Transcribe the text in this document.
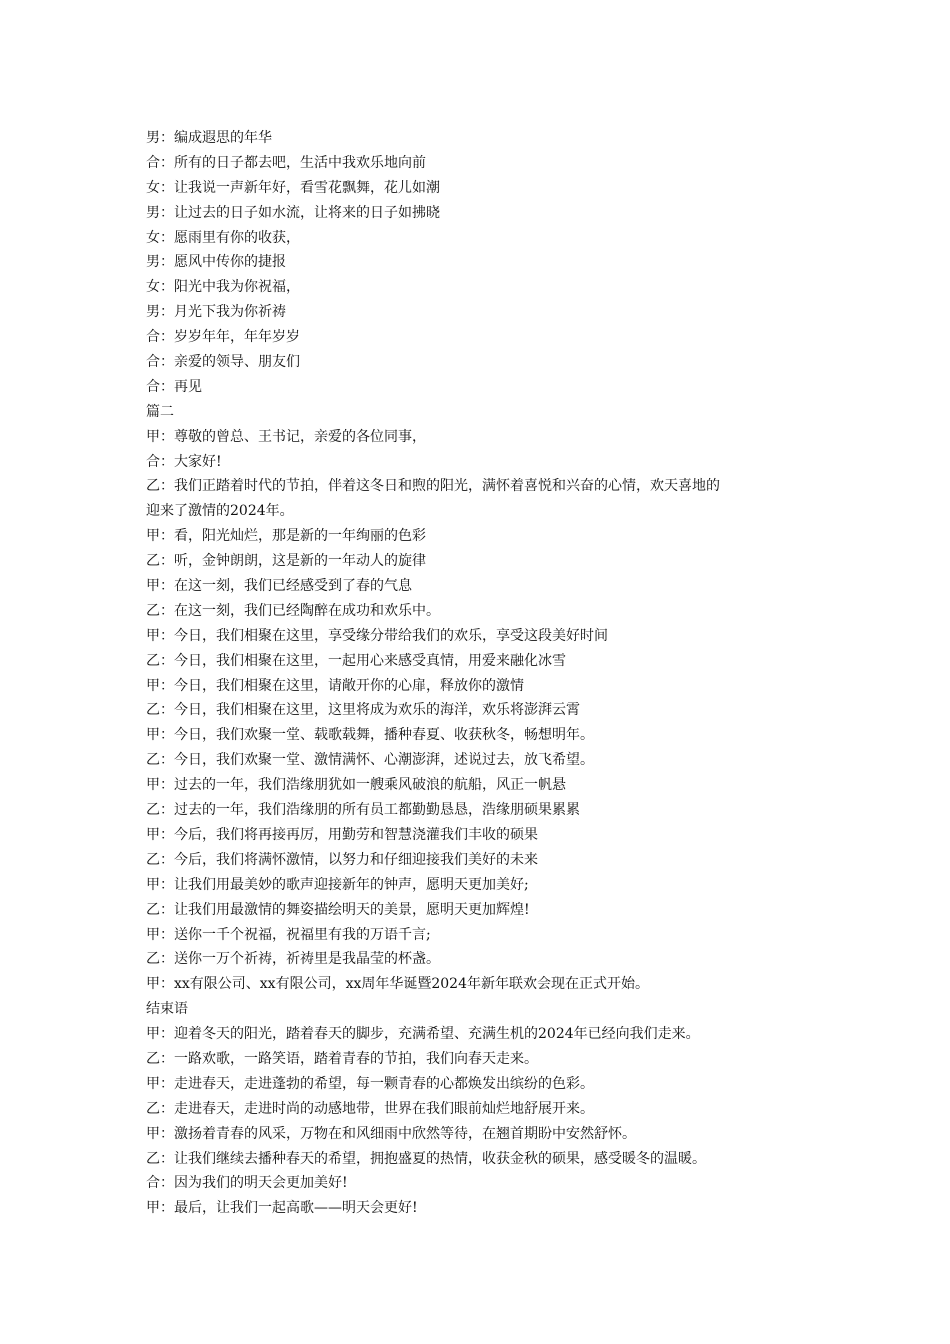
男：编成遐思的年华
合：所有的日子都去吧，生活中我欢乐地向前
女：让我说一声新年好，看雪花飘舞，花儿如潮
男：让过去的日子如水流，让将来的日子如拂晓
女：愿雨里有你的收获，
男：愿风中传你的捷报
女：阳光中我为你祝福，
男：月光下我为你祈祷
合：岁岁年年，年年岁岁
合：亲爱的领导、朋友们
合：再见
篇二
甲：尊敬的曾总、王书记，亲爱的各位同事，
合：大家好!
乙：我们正踏着时代的节拍，伴着这冬日和煦的阳光，满怀着喜悦和兴奋的心情，欢天喜地的
迎来了激情的2024年。
甲：看，阳光灿烂，那是新的一年绚丽的色彩
乙：听，金钟朗朗，这是新的一年动人的旋律
甲：在这一刻，我们已经感受到了春的气息
乙：在这一刻，我们已经陶醉在成功和欢乐中。
甲：今日，我们相聚在这里，享受缘分带给我们的欢乐，享受这段美好时间
乙：今日，我们相聚在这里，一起用心来感受真情，用爱来融化冰雪
甲：今日，我们相聚在这里，请敞开你的心扉，释放你的激情
乙：今日，我们相聚在这里，这里将成为欢乐的海洋，欢乐将澎湃云霄
甲：今日，我们欢聚一堂、载歌载舞，播种春夏、收获秋冬，畅想明年。
乙：今日，我们欢聚一堂、激情满怀、心潮澎湃，述说过去，放飞希望。
甲：过去的一年，我们浩缘朋犹如一艘乘风破浪的航船，风正一帆悬
乙：过去的一年，我们浩缘朋的所有员工都勤勤恳恳，浩缘朋硕果累累
甲：今后，我们将再接再厉，用勤劳和智慧浇灌我们丰收的硕果
乙：今后，我们将满怀激情，以努力和仔细迎接我们美好的未来
甲：让我们用最美妙的歌声迎接新年的钟声，愿明天更加美好;
乙：让我们用最激情的舞姿描绘明天的美景，愿明天更加辉煌!
甲：送你一千个祝福，祝福里有我的万语千言;
乙：送你一万个祈祷，祈祷里是我晶莹的杯盏。
甲：xx有限公司、xx有限公司，xx周年华诞暨2024年新年联欢会现在正式开始。
结束语
甲：迎着冬天的阳光，踏着春天的脚步，充满希望、充满生机的2024年已经向我们走来。
乙：一路欢歌，一路笑语，踏着青春的节拍，我们向春天走来。
甲：走进春天，走进蓬勃的希望，每一颗青春的心都焕发出缤纷的色彩。
乙：走进春天，走进时尚的动感地带，世界在我们眼前灿烂地舒展开来。
甲：激扬着青春的风采，万物在和风细雨中欣然等待，在翘首期盼中安然舒怀。
乙：让我们继续去播种春天的希望，拥抱盛夏的热情，收获金秋的硕果，感受暖冬的温暖。
合：因为我们的明天会更加美好!
甲：最后，让我们一起高歌——明天会更好!
